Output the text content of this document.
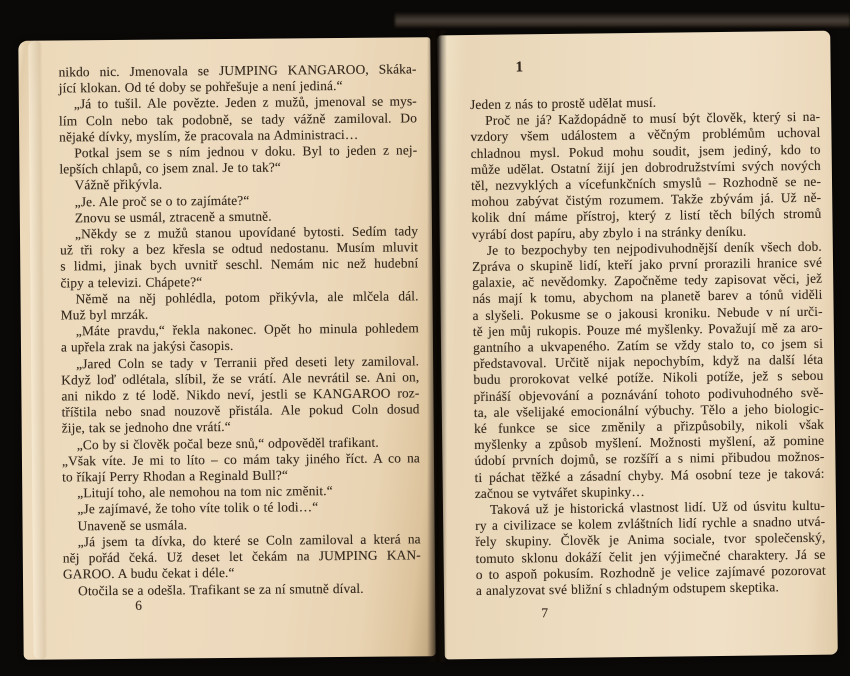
nikdo nic. Jmenovala se JUMPING KANGAROO, Skáka-
jící klokan. Od té doby se pohřešuje a není jediná.“
„Já to tušil. Ale povězte. Jeden z mužů, jmenoval se mys-
lím Coln nebo tak podobně, se tady vážně zamiloval. Do
nějaké dívky, myslím, že pracovala na Administraci…
Potkal jsem se s ním jednou v doku. Byl to jeden z nej-
lepších chlapů, co jsem znal. Je to tak?“
Vážně přikývla.
„Je. Ale proč se o to zajímáte?“
Znovu se usmál, ztraceně a smutně.
„Někdy se z mužů stanou upovídané bytosti. Sedím tady
už tři roky a bez křesla se odtud nedostanu. Musím mluvit
s lidmi, jinak bych uvnitř seschl. Nemám nic než hudební
čipy a televizi. Chápete?“
Němě na něj pohlédla, potom přikývla, ale mlčela dál.
Muž byl mrzák.
„Máte pravdu,“ řekla nakonec. Opět ho minula pohledem
a upřela zrak na jakýsi časopis.
„Jared Coln se tady v Terranii před deseti lety zamiloval.
Když loď odlétala, slíbil, že se vrátí. Ale nevrátil se. Ani on,
ani nikdo z té lodě. Nikdo neví, jestli se KANGAROO roz-
tříštila nebo snad nouzově přistála. Ale pokud Coln dosud
žije, tak se jednoho dne vrátí.“
„Co by si člověk počal beze snů,“ odpověděl trafikant.
„Však víte. Je mi to líto – co mám taky jiného říct. A co na
to říkají Perry Rhodan a Reginald Bull?“
„Litují toho, ale nemohou na tom nic změnit.“
„Je zajímavé, že toho víte tolik o té lodi…“
Unaveně se usmála.
„Já jsem ta dívka, do které se Coln zamiloval a která na
něj pořád čeká. Už deset let čekám na JUMPING KAN-
GAROO. A budu čekat i déle.“
Otočila se a odešla. Trafikant se za ní smutně díval.
6
1
Jeden z nás to prostě udělat musí.
Proč ne já? Každopádně to musí být člověk, který si na-
vzdory všem událostem a věčným problémům uchoval
chladnou mysl. Pokud mohu soudit, jsem jediný, kdo to
může udělat. Ostatní žijí jen dobrodružstvími svých nových
těl, nezvyklých a vícefunkčních smyslů – Rozhodně se ne-
mohou zabývat čistým rozumem. Takže zbývám já. Už ně-
kolik dní máme přístroj, který z listí těch bílých stromů
vyrábí dost papíru, aby zbylo i na stránky deníku.
Je to bezpochyby ten nejpodivuhodnější deník všech dob.
Zpráva o skupině lidí, kteří jako první prorazili hranice své
galaxie, ač nevědomky. Započněme tedy zapisovat věci, jež
nás mají k tomu, abychom na planetě barev a tónů viděli
a slyšeli. Pokusme se o jakousi kroniku. Nebude v ní urči-
tě jen můj rukopis. Pouze mé myšlenky. Považují mě za aro-
gantního a ukvapeného. Zatím se vždy stalo to, co jsem si
představoval. Určitě nijak nepochybím, když na další léta
budu prorokovat velké potíže. Nikoli potíže, jež s sebou
přináší objevování a poznávání tohoto podivuhodného svě-
ta, ale všelijaké emocionální výbuchy. Tělo a jeho biologic-
ké funkce se sice změnily a přizpůsobily, nikoli však
myšlenky a způsob myšlení. Možnosti myšlení, až pomine
údobí prvních dojmů, se rozšíří a s nimi přibudou možnos-
ti páchat těžké a zásadní chyby. Má osobní teze je taková:
začnou se vytvářet skupinky…
Taková už je historická vlastnost lidí. Už od úsvitu kultu-
ry a civilizace se kolem zvláštních lidí rychle a snadno utvá-
řely skupiny. Člověk je Anima sociale, tvor společenský,
tomuto sklonu dokáží čelit jen výjimečné charaktery. Já se
o to aspoň pokusím. Rozhodně je velice zajímavé pozorovat
a analyzovat své bližní s chladným odstupem skeptika.
7
